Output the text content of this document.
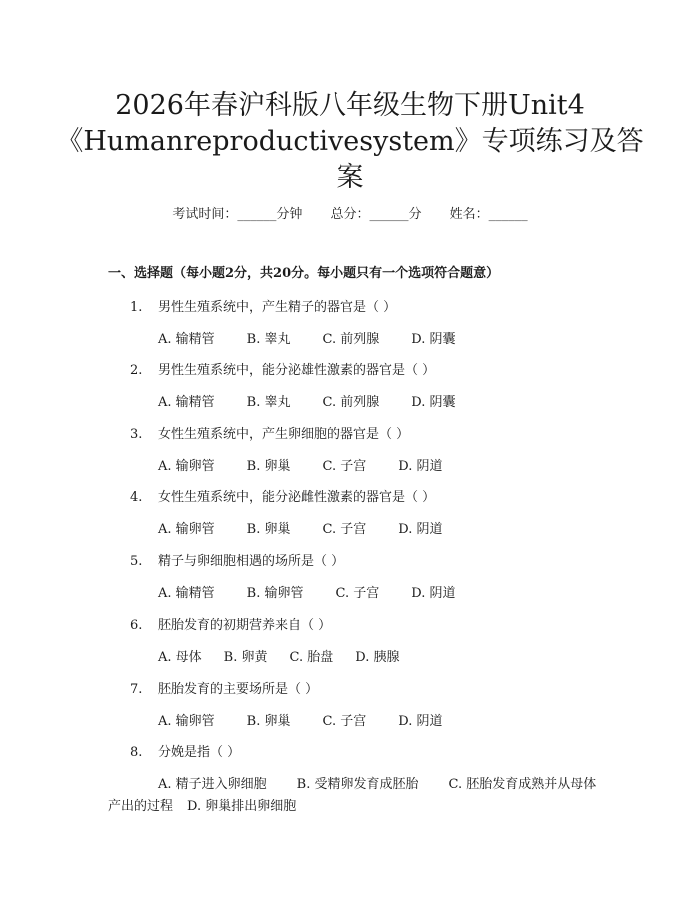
2026年春沪科版八年级生物下册Unit4
《Humanreproductivesystem》专项练习及答
案
考试时间：______分钟 总分：______分 姓名：______
一、选择题（每小题2分，共20分。每小题只有一个选项符合题意）
1. 男性生殖系统中，产生精子的器官是（ ）
A. 输精管 B. 睾丸 C. 前列腺 D. 阴囊
2. 男性生殖系统中，能分泌雄性激素的器官是（ ）
A. 输精管 B. 睾丸 C. 前列腺 D. 阴囊
3. 女性生殖系统中，产生卵细胞的器官是（ ）
A. 输卵管 B. 卵巢 C. 子宫 D. 阴道
4. 女性生殖系统中，能分泌雌性激素的器官是（ ）
A. 输卵管 B. 卵巢 C. 子宫 D. 阴道
5. 精子与卵细胞相遇的场所是（ ）
A. 输精管 B. 输卵管 C. 子宫 D. 阴道
6. 胚胎发育的初期营养来自（ ）
A. 母体 B. 卵黄 C. 胎盘 D. 胰腺
7. 胚胎发育的主要场所是（ ）
A. 输卵管 B. 卵巢 C. 子宫 D. 阴道
8. 分娩是指（ ）
A. 精子进入卵细胞 B. 受精卵发育成胚胎 C. 胚胎发育成熟并从母体产出的过程 D. 卵巢排出卵细胞
